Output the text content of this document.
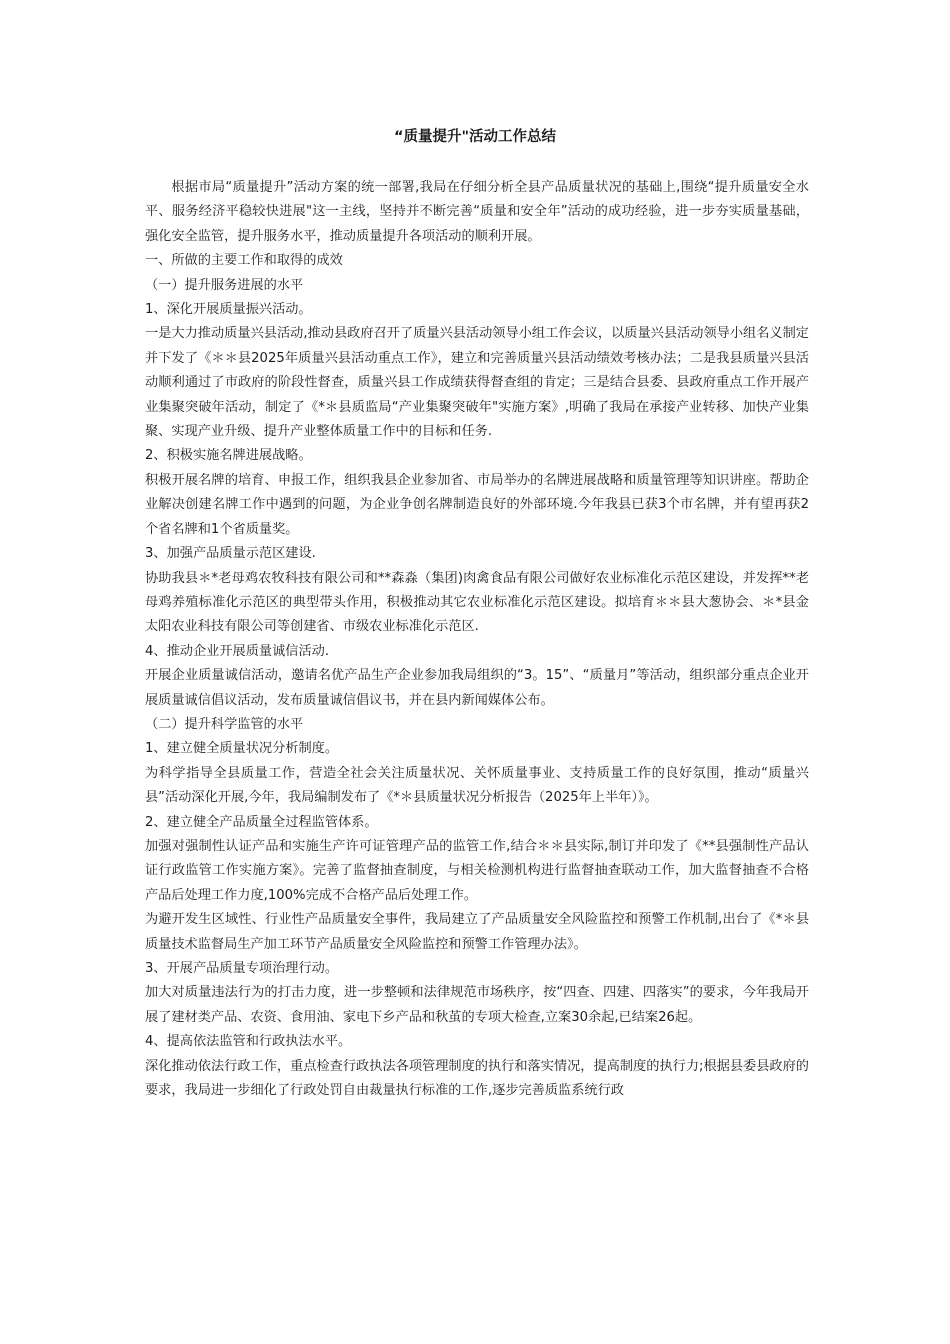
“质量提升"活动工作总结

根据市局“质量提升”活动方案的统一部署,我局在仔细分析全县产品质量状况的基础上,围绕“提升质量安全水平、服务经济平稳较快进展"这一主线，坚持并不断完善“质量和安全年”活动的成功经验，进一步夯实质量基础，强化安全监管，提升服务水平，推动质量提升各项活动的顺利开展。

一、所做的主要工作和取得的成效

（一）提升服务进展的水平

1、深化开展质量振兴活动。

一是大力推动质量兴县活动,推动县政府召开了质量兴县活动领导小组工作会议，以质量兴县活动领导小组名义制定并下发了《＊＊县2025年质量兴县活动重点工作》，建立和完善质量兴县活动绩效考核办法；二是我县质量兴县活动顺利通过了市政府的阶段性督查，质量兴县工作成绩获得督查组的肯定；三是结合县委、县政府重点工作开展产业集聚突破年活动，制定了《*＊县质监局“产业集聚突破年"实施方案》,明确了我局在承接产业转移、加快产业集聚、实现产业升级、提升产业整体质量工作中的目标和任务.

2、积极实施名牌进展战略。

积极开展名牌的培育、申报工作，组织我县企业参加省、市局举办的名牌进展战略和质量管理等知识讲座。帮助企业解决创建名牌工作中遇到的问题，为企业争创名牌制造良好的外部环境.今年我县已获3个市名牌，并有望再获2个省名牌和1个省质量奖。

3、加强产品质量示范区建设.

协助我县＊*老母鸡农牧科技有限公司和**森淼（集团)肉禽食品有限公司做好农业标准化示范区建设，并发挥**老母鸡养殖标准化示范区的典型带头作用，积极推动其它农业标准化示范区建设。拟培育＊＊县大葱协会、＊*县金太阳农业科技有限公司等创建省、市级农业标准化示范区.

4、推动企业开展质量诚信活动.

开展企业质量诚信活动，邀请名优产品生产企业参加我局组织的“3。15”、“质量月”等活动，组织部分重点企业开展质量诚信倡议活动，发布质量诚信倡议书，并在县内新闻媒体公布。

（二）提升科学监管的水平

1、建立健全质量状况分析制度。

为科学指导全县质量工作，营造全社会关注质量状况、关怀质量事业、支持质量工作的良好氛围，推动“质量兴县”活动深化开展,今年，我局编制发布了《*＊县质量状况分析报告（2025年上半年）》。

2、建立健全产品质量全过程监管体系。

加强对强制性认证产品和实施生产许可证管理产品的监管工作,结合＊＊县实际,制订并印发了《**县强制性产品认证行政监管工作实施方案》。完善了监督抽查制度，与相关检测机构进行监督抽查联动工作，加大监督抽查不合格产品后处理工作力度,100%完成不合格产品后处理工作。

为避开发生区域性、行业性产品质量安全事件，我局建立了产品质量安全风险监控和预警工作机制,出台了《*＊县质量技术监督局生产加工环节产品质量安全风险监控和预警工作管理办法》。

3、开展产品质量专项治理行动。

加大对质量违法行为的打击力度，进一步整顿和法律规范市场秩序，按“四查、四建、四落实”的要求，今年我局开展了建材类产品、农资、食用油、家电下乡产品和秋茧的专项大检查,立案30余起,已结案26起。

4、提高依法监管和行政执法水平。

深化推动依法行政工作，重点检查行政执法各项管理制度的执行和落实情况，提高制度的执行力;根据县委县政府的要求，我局进一步细化了行政处罚自由裁量执行标准的工作,逐步完善质监系统行政
